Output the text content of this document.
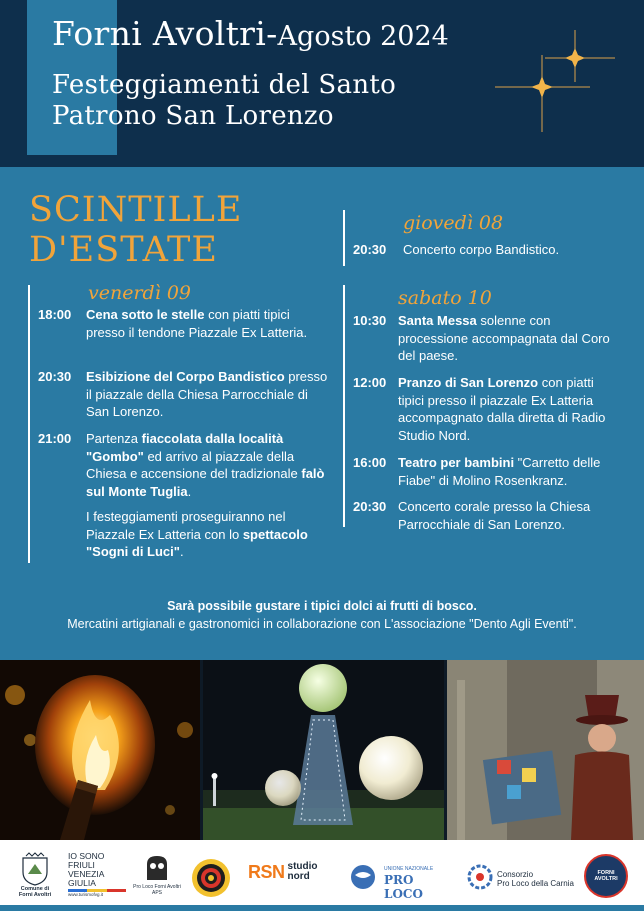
Forni Avoltri-Agosto 2024
Festeggiamenti del Santo
Patrono San Lorenzo
SCINTILLE
D'ESTATE
giovedì 08
20:30	Concerto corpo Bandistico.
venerdì 09
18:00	Cena sotto le stelle con piatti tipici presso il tendone Piazzale Ex Latteria.
20:30	Esibizione del Corpo Bandistico presso il piazzale della Chiesa Parrocchiale di San Lorenzo.
21:00	Partenza fiaccolata dalla località "Gombo" ed arrivo al piazzale della Chiesa e accensione del tradizionale falò sul Monte Tuglia.
I festeggiamenti proseguiranno nel Piazzale Ex Latteria con lo spettacolo "Sogni di Luci".
sabato 10
10:30 Santa Messa solenne con processione accompagnata dal Coro del paese.
12:00 Pranzo di San Lorenzo con piatti tipici presso il piazzale Ex Latteria accompagnato dalla diretta di Radio Studio Nord.
16:00 Teatro per bambini "Carretto delle Fiabe" di Molino Rosenkranz.
20:30 Concerto corale presso la Chiesa Parrocchiale di San Lorenzo.
Sarà possibile gustare i tipici dolci ai frutti di bosco.
Mercatini artigianali e gastronomici in collaborazione con L'associazione "Dento Agli Eventi".
Comune di Forni Avoltri
IO SONO
FRIULI
VENEZIA
GIULIA
www.turismofvg.it
Pro Loco Forni Avoltri APS
RSN studio
nord
UNIONE NAZIONALE
PRO LOCO
Consorzio
Pro Loco della Carnia
FORNI AVOLTRI
